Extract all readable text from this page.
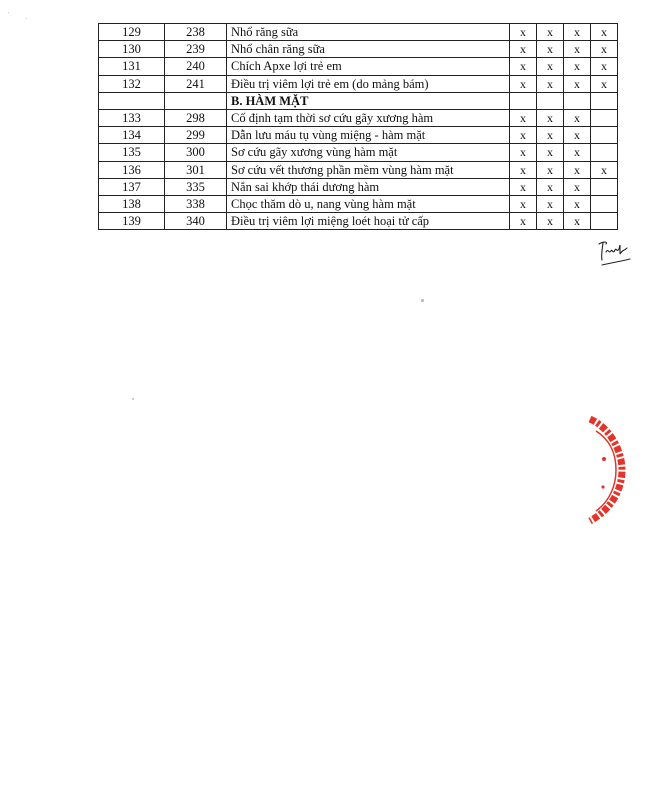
129	238	Nhổ răng sữa	x	x	x	x
130	239	Nhổ chân răng sữa	x	x	x	x
131	240	Chích Apxe lợi trẻ em	x	x	x	x
132	241	Điều trị viêm lợi trẻ em (do mảng bám)	x	x	x	x
		B. HÀM MẶT				
133	298	Cố định tạm thời sơ cứu gãy xương hàm	x	x	x	
134	299	Dẫn lưu máu tụ vùng miệng - hàm mặt	x	x	x	
135	300	Sơ cứu gãy xương vùng hàm mặt	x	x	x	
136	301	Sơ cứu vết thương phần mềm vùng hàm mặt	x	x	x	x
137	335	Nắn sai khớp thái dương hàm	x	x	x	
138	338	Chọc thăm dò u, nang vùng hàm mặt	x	x	x	
139	340	Điều trị viêm lợi miệng loét hoại tử cấp	x	x	x	
